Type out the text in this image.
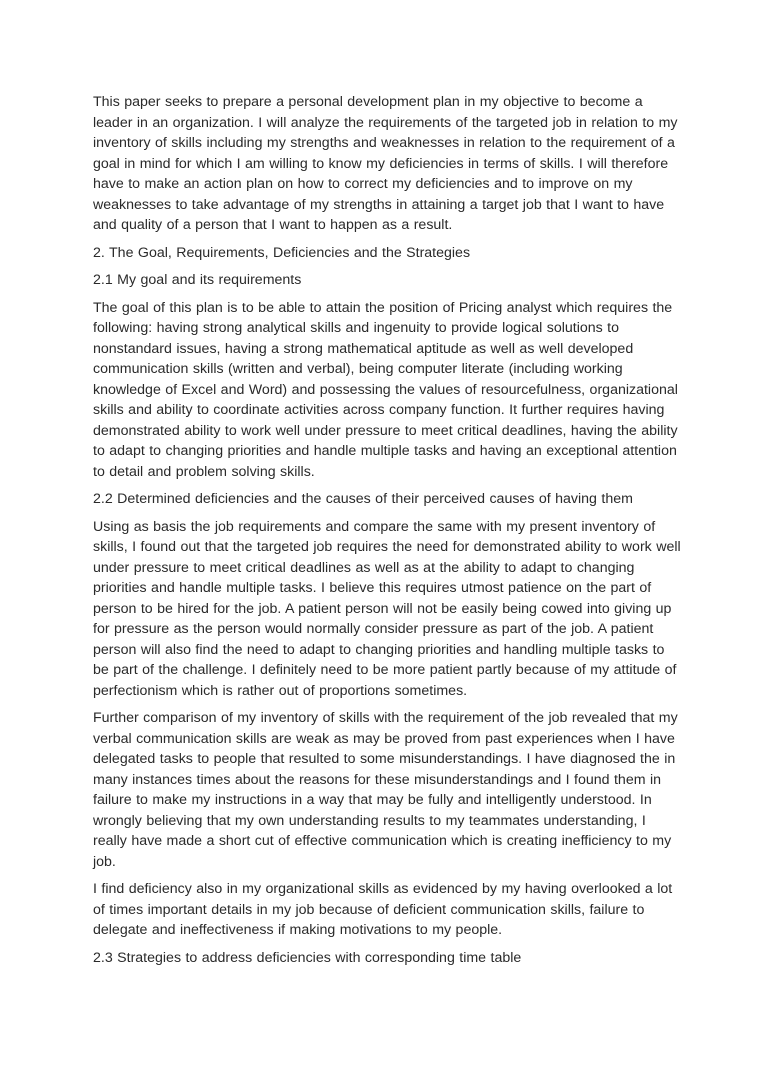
This paper seeks to prepare a personal development plan in my objective to become a leader in an organization. I will analyze the requirements of the targeted job in relation to my inventory of skills including my strengths and weaknesses in relation to the requirement of a goal in mind for which I am willing to know my deficiencies in terms of skills. I will therefore have to make an action plan on how to correct my deficiencies and to improve on my weaknesses to take advantage of my strengths in attaining a target job that I want to have and quality of a person that I want to happen as a result.

2. The Goal, Requirements, Deficiencies and the Strategies

2.1 My goal and its requirements

The goal of this plan is to be able to attain the position of Pricing analyst which requires the following: having strong analytical skills and ingenuity to provide logical solutions to nonstandard issues, having a strong mathematical aptitude as well as well developed communication skills (written and verbal), being computer literate (including working knowledge of Excel and Word) and possessing the values of resourcefulness, organizational skills and ability to coordinate activities across company function. It further requires having demonstrated ability to work well under pressure to meet critical deadlines, having the ability to adapt to changing priorities and handle multiple tasks and having an exceptional attention to detail and problem solving skills.

2.2 Determined deficiencies and the causes of their perceived causes of having them

Using as basis the job requirements and compare the same with my present inventory of skills, I found out that the targeted job requires the need for demonstrated ability to work well under pressure to meet critical deadlines as well as at the ability to adapt to changing priorities and handle multiple tasks. I believe this requires utmost patience on the part of person to be hired for the job. A patient person will not be easily being cowed into giving up for pressure as the person would normally consider pressure as part of the job. A patient person will also find the need to adapt to changing priorities and handling multiple tasks to be part of the challenge. I definitely need to be more patient partly because of my attitude of perfectionism which is rather out of proportions sometimes.

Further comparison of my inventory of skills with the requirement of the job revealed that my verbal communication skills are weak as may be proved from past experiences when I have delegated tasks to people that resulted to some misunderstandings. I have diagnosed the in many instances times about the reasons for these misunderstandings and I found them in failure to make my instructions in a way that may be fully and intelligently understood. In wrongly believing that my own understanding results to my teammates understanding, I really have made a short cut of effective communication which is creating inefficiency to my job.

I find deficiency also in my organizational skills as evidenced by my having overlooked a lot of times important details in my job because of deficient communication skills, failure to delegate and ineffectiveness if making motivations to my people.

2.3 Strategies to address deficiencies with corresponding time table
